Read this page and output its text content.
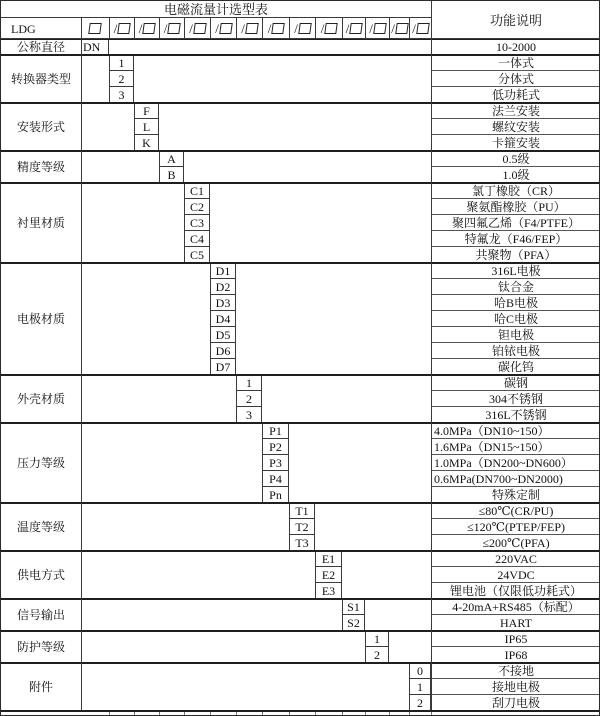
电磁流量计选型表
功能说明
LDG	/ / / / / / / / / / / / /
公称直径	DN	10-2000
转换器类型
1	一体式
2	分体式
3	低功耗式
安装形式
F	法兰安装
L	螺纹安装
K	卡箍安装
精度等级
A	0.5级
B	1.0级
衬里材质
C1	氯丁橡胶（CR）
C2	聚氨酯橡胶（PU）
C3	聚四氟乙烯（F4/PTFE）
C4	特氟龙（F46/FEP）
C5	共聚物（PFA）
电极材质
D1	316L电极
D2	钛合金
D3	哈B电极
D4	哈C电极
D5	钽电极
D6	铂铱电极
D7	碳化钨
外壳材质
1	碳钢
2	304不锈钢
3	316L不锈钢
压力等级
P1	4.0MPa（DN10~150）
P2	1.6MPa（DN15~150）
P3	1.0MPa（DN200~DN600）
P4	0.6MPa(DN700~DN2000)
Pn	特殊定制
温度等级
T1	≤80℃(CR/PU)
T2	≤120℃(PTEP/FEP)
T3	≤200℃(PFA)
供电方式
E1	220VAC
E2	24VDC
E3	锂电池（仅限低功耗式）
信号输出
S1	4-20mA+RS485（标配）
S2	HART
防护等级
1	IP65
2	IP68
附件
0	不接地
1	接地电极
2	刮刀电极
